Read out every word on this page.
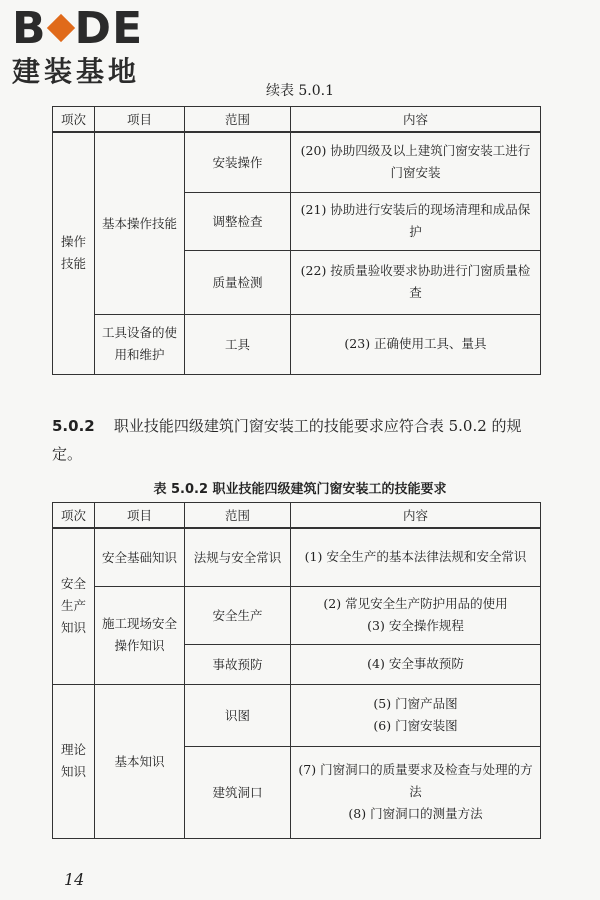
B DE
建装基地
续表 5.0.1
项次	项目	范围	内容
操作技能	基本操作技能	安装操作	(20) 协助四级及以上建筑门窗安装工进行门窗安装
		调整检查	(21) 协助进行安装后的现场清理和成品保护
		质量检测	(22) 按质量验收要求协助进行门窗质量检查
	工具设备的使用和维护	工具	(23) 正确使用工具、量具
5.0.2 职业技能四级建筑门窗安装工的技能要求应符合表 5.0.2 的规定。
表 5.0.2 职业技能四级建筑门窗安装工的技能要求
项次	项目	范围	内容
安全生产知识	安全基础知识	法规与安全常识	(1) 安全生产的基本法律法规和安全常识
	施工现场安全操作知识	安全生产	(2) 常见安全生产防护用品的使用
(3) 安全操作规程

		事故预防	(4) 安全事故预防
理论知识	基本知识	识图	(5) 门窗产品图
(6) 门窗安装图

		建筑洞口	(7) 门窗洞口的质量要求及检查与处理的方法
(8) 门窗洞口的测量方法
14
